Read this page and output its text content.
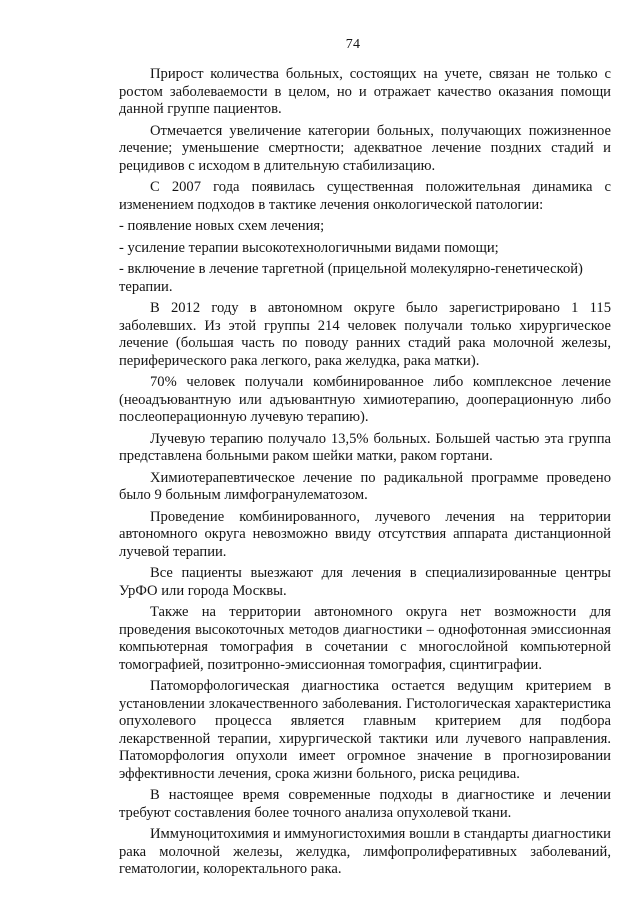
74

Прирост количества больных, состоящих на учете, связан не только с ростом заболеваемости в целом, но и отражает качество оказания помощи данной группе пациентов.

Отмечается увеличение категории больных, получающих пожизненное лечение; уменьшение смертности; адекватное лечение поздних стадий и рецидивов с исходом в длительную стабилизацию.

С 2007 года появилась существенная положительная динамика с изменением подходов в тактике лечения онкологической патологии:

- появление новых схем лечения;

- усиление терапии высокотехнологичными видами помощи;

- включение в лечение таргетной (прицельной молекулярно-генетической) терапии.

В 2012 году в автономном округе было зарегистрировано 1 115 заболевших. Из этой группы 214 человек получали только хирургическое лечение (большая часть по поводу ранних стадий рака молочной железы, периферического рака легкого, рака желудка, рака матки).

70% человек получали комбинированное либо комплексное лечение (неоадъювантную или адъювантную химиотерапию, дооперационную либо послеоперационную лучевую терапию).

Лучевую терапию получало 13,5% больных. Большей частью эта группа представлена больными раком шейки матки, раком гортани.

Химиотерапевтическое лечение по радикальной программе проведено было 9 больным лимфогранулематозом.

Проведение комбинированного, лучевого лечения на территории автономного округа невозможно ввиду отсутствия аппарата дистанционной лучевой терапии.

Все пациенты выезжают для лечения в специализированные центры УрФО или города Москвы.

Также на территории автономного округа нет возможности для проведения высокоточных методов диагностики – однофотонная эмиссионная компьютерная томография в сочетании с многослойной компьютерной томографией, позитронно-эмиссионная томография, сцинтиграфии.

Патоморфологическая диагностика остается ведущим критерием в установлении злокачественного заболевания. Гистологическая характеристика опухолевого процесса является главным критерием для подбора лекарственной терапии, хирургической тактики или лучевого направления. Патоморфология опухоли имеет огромное значение в прогнозировании эффективности лечения, срока жизни больного, риска рецидива.

В настоящее время современные подходы в диагностике и лечении требуют составления более точного анализа опухолевой ткани.

Иммуноцитохимия и иммуногистохимия вошли в стандарты диагностики рака молочной железы, желудка, лимфопролиферативных заболеваний, гематологии, колоректального рака.
